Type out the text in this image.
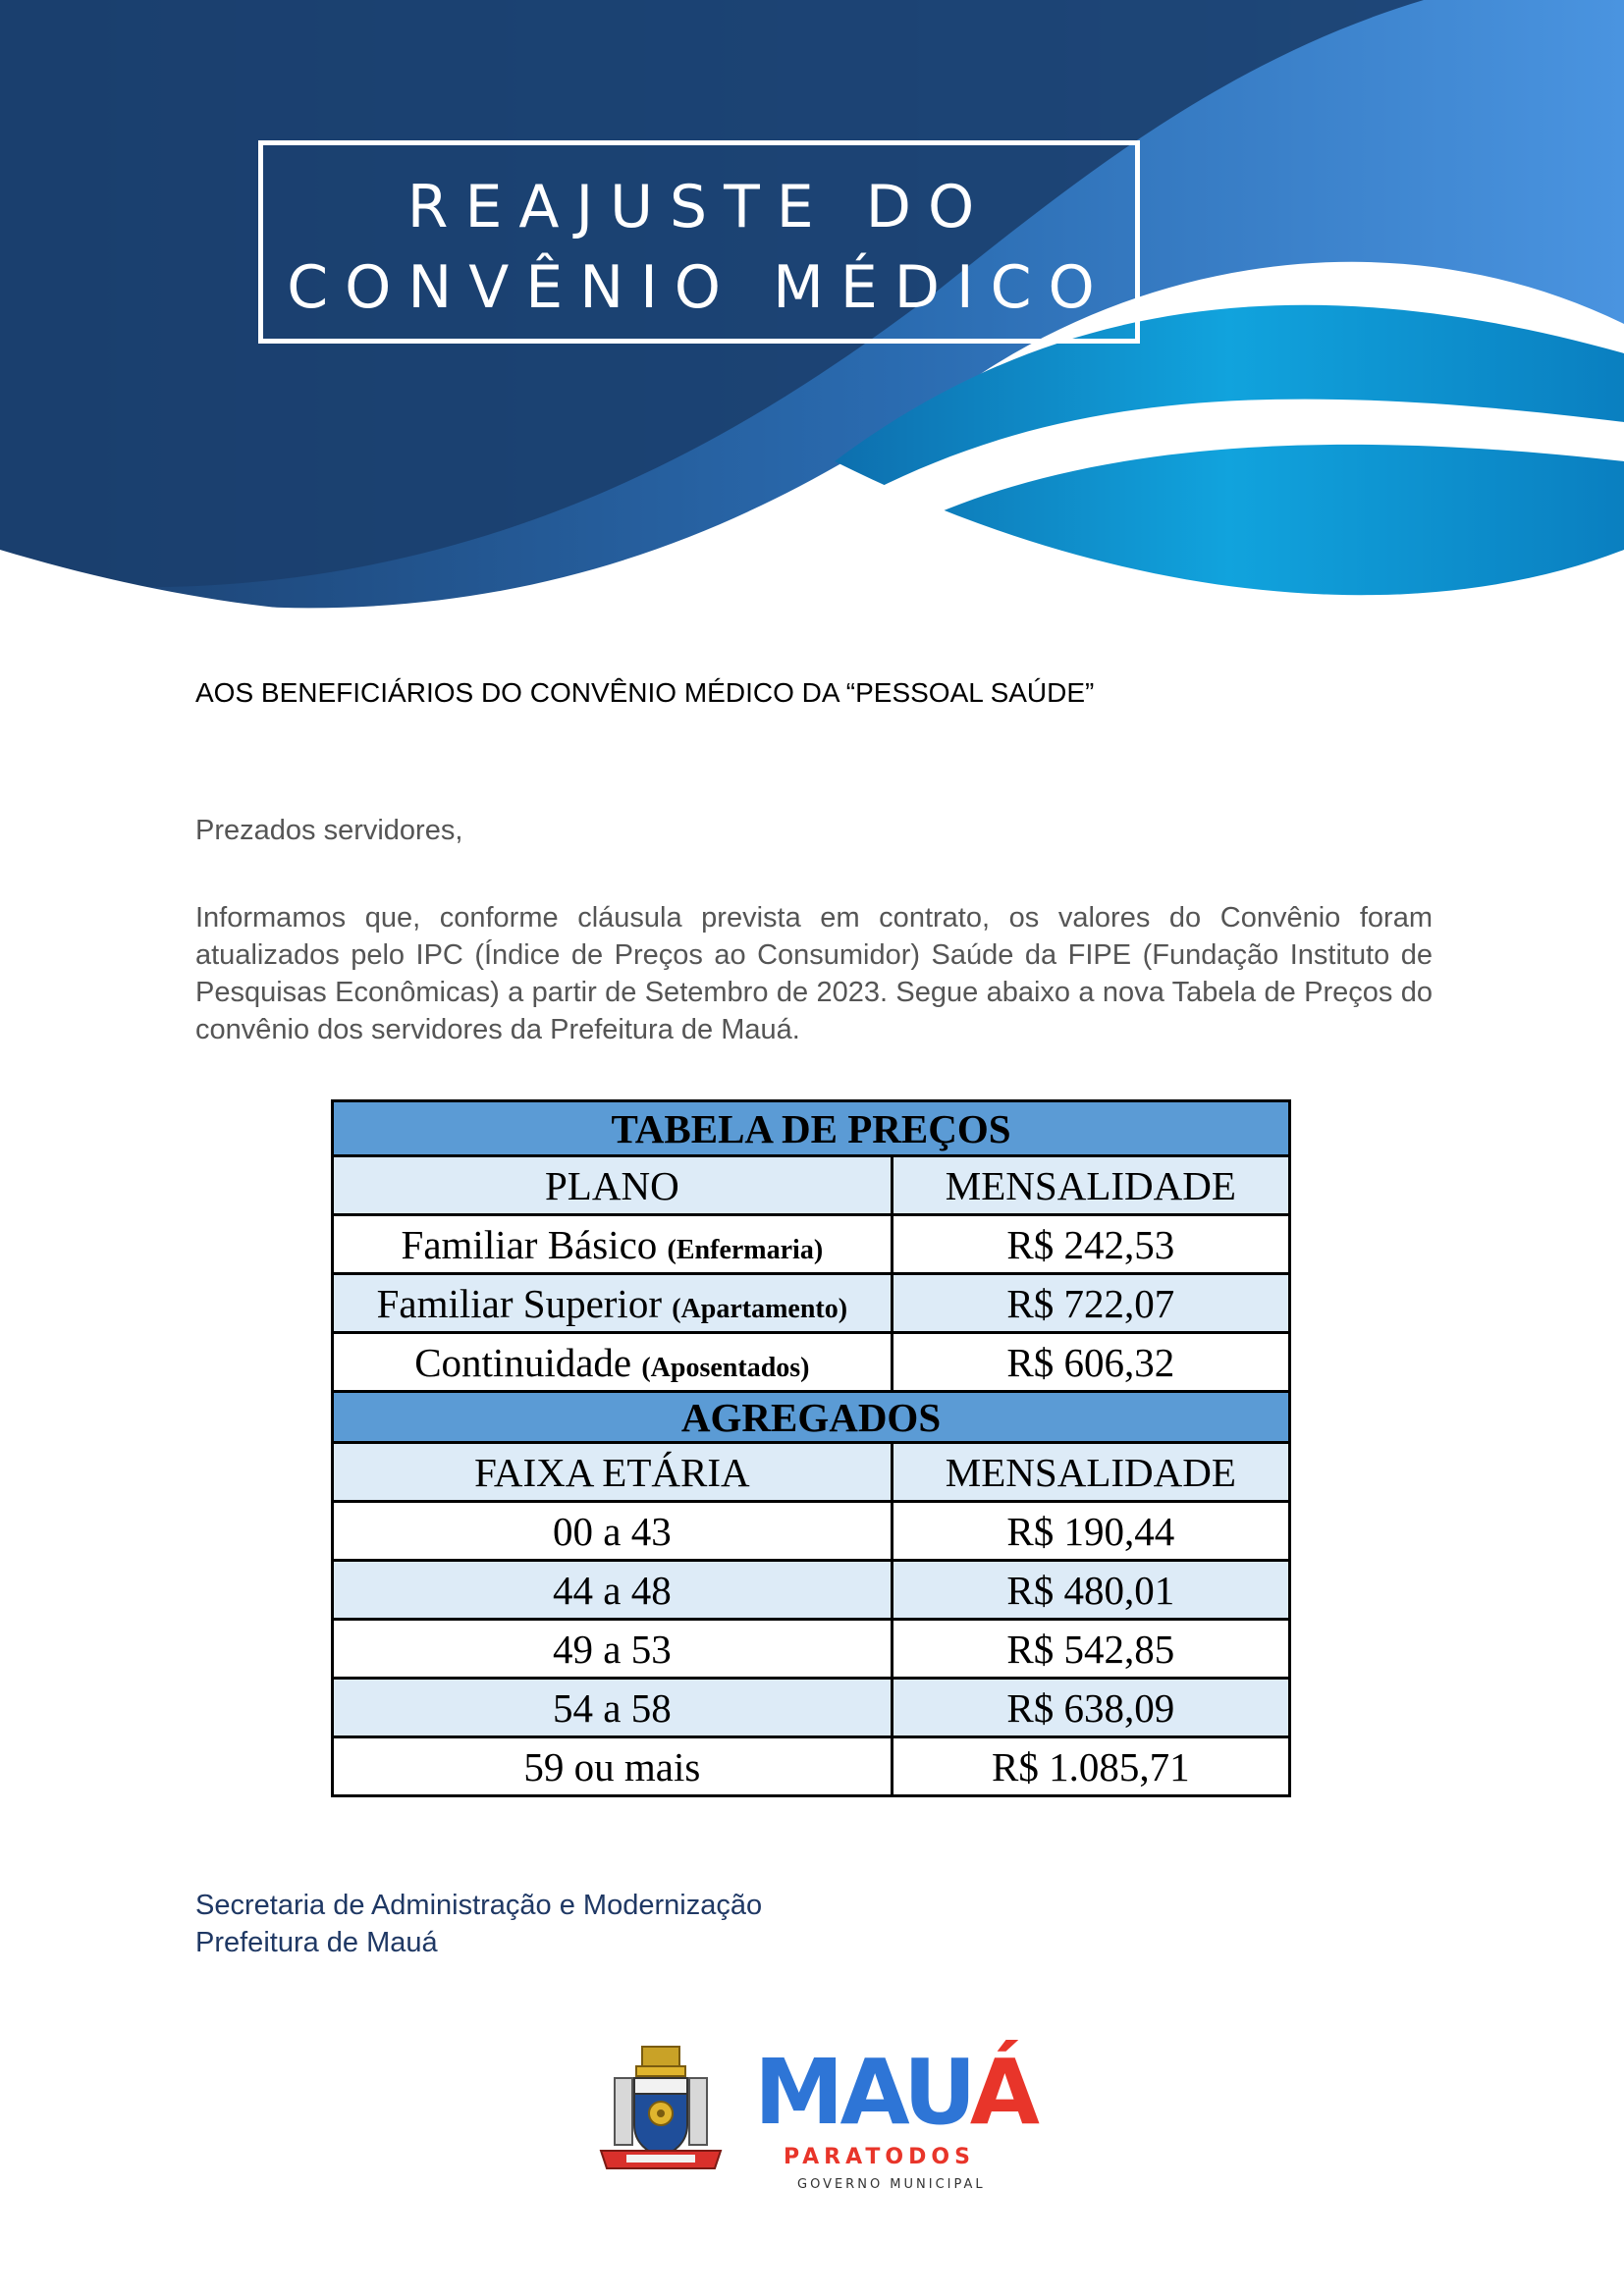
REAJUSTE DO
CONVÊNIO MÉDICO
AOS BENEFICIÁRIOS DO CONVÊNIO MÉDICO DA “PESSOAL SAÚDE”
Prezados servidores,
Informamos que, conforme cláusula prevista em contrato, os valores do Convênio foram atualizados pelo IPC (Índice de Preços ao Consumidor) Saúde da FIPE (Fundação Instituto de Pesquisas Econômicas) a partir de Setembro de 2023. Segue abaixo a nova Tabela de Preços do convênio dos servidores da Prefeitura de Mauá.
TABELA DE PREÇOS	
PLANO	MENSALIDADE
Familiar Básico (Enfermaria)	R$ 242,53
Familiar Superior (Apartamento)	R$ 722,07
Continuidade (Aposentados)	R$ 606,32
AGREGADOS	
FAIXA ETÁRIA	MENSALIDADE
00 a 43	R$ 190,44
44 a 48	R$ 480,01
49 a 53	R$ 542,85
54 a 58	R$ 638,09
59 ou mais	R$ 1.085,71
Secretaria de Administração e Modernização
Prefeitura de Mauá
MAUÁ
PARATODOS
GOVERNO MUNICIPAL
